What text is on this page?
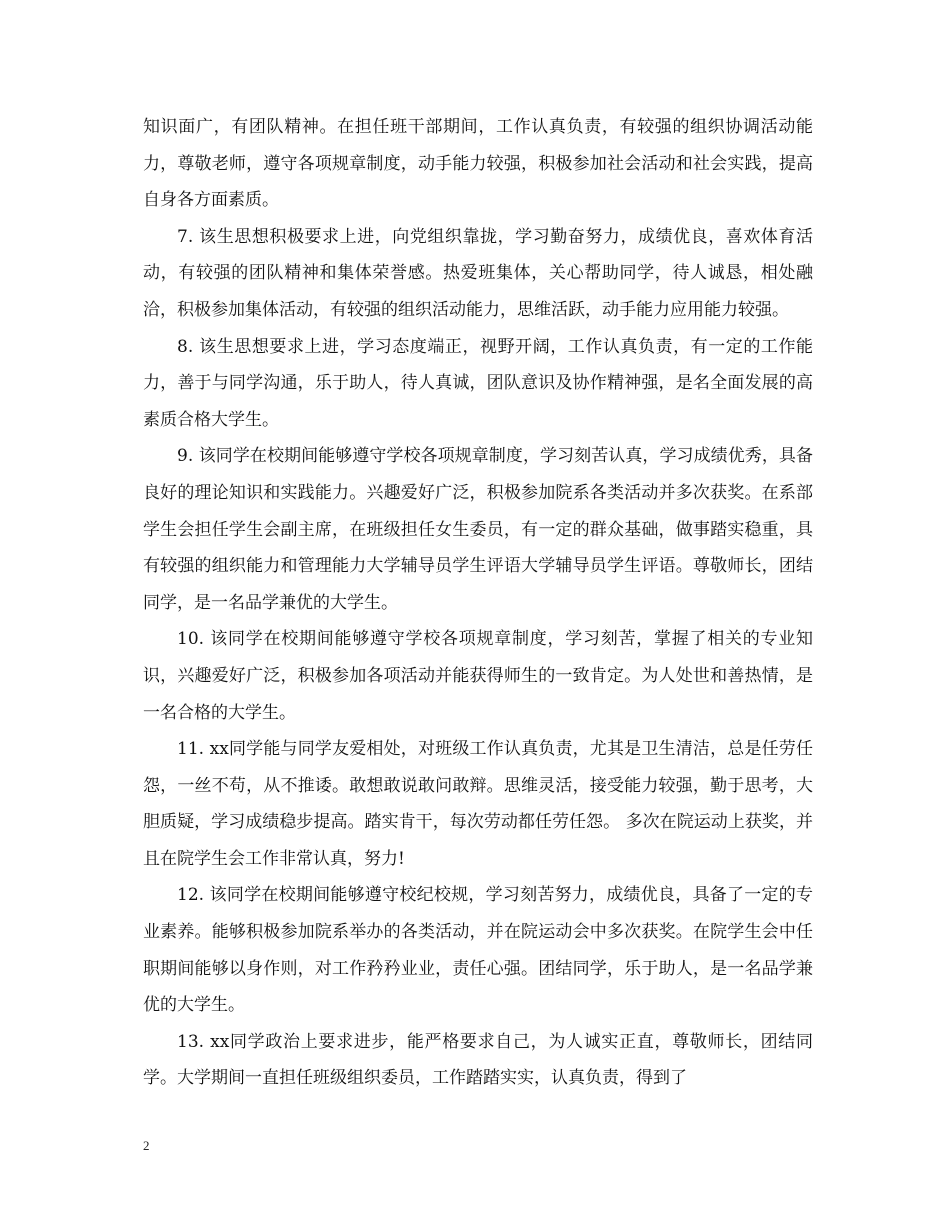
知识面广，有团队精神。在担任班干部期间，工作认真负责，有较强的组织协调活动能力，尊敬老师，遵守各项规章制度，动手能力较强，积极参加社会活动和社会实践，提高自身各方面素质。

7. 该生思想积极要求上进，向党组织靠拢，学习勤奋努力，成绩优良，喜欢体育活动，有较强的团队精神和集体荣誉感。热爱班集体，关心帮助同学，待人诚恳，相处融洽，积极参加集体活动，有较强的组织活动能力，思维活跃，动手能力应用能力较强。

8. 该生思想要求上进，学习态度端正，视野开阔，工作认真负责，有一定的工作能力，善于与同学沟通，乐于助人，待人真诚，团队意识及协作精神强，是名全面发展的高素质合格大学生。

9. 该同学在校期间能够遵守学校各项规章制度，学习刻苦认真，学习成绩优秀，具备良好的理论知识和实践能力。兴趣爱好广泛，积极参加院系各类活动并多次获奖。在系部学生会担任学生会副主席，在班级担任女生委员，有一定的群众基础，做事踏实稳重，具有较强的组织能力和管理能力大学辅导员学生评语大学辅导员学生评语。尊敬师长，团结同学，是一名品学兼优的大学生。

10. 该同学在校期间能够遵守学校各项规章制度，学习刻苦，掌握了相关的专业知识，兴趣爱好广泛，积极参加各项活动并能获得师生的一致肯定。为人处世和善热情，是一名合格的大学生。

11. xx同学能与同学友爱相处，对班级工作认真负责，尤其是卫生清洁，总是任劳任怨，一丝不苟，从不推诿。敢想敢说敢问敢辩。思维灵活，接受能力较强，勤于思考，大胆质疑，学习成绩稳步提高。踏实肯干，每次劳动都任劳任怨。 多次在院运动上获奖，并且在院学生会工作非常认真，努力!

12. 该同学在校期间能够遵守校纪校规，学习刻苦努力，成绩优良，具备了一定的专业素养。能够积极参加院系举办的各类活动，并在院运动会中多次获奖。在院学生会中任职期间能够以身作则，对工作矜矜业业，责任心强。团结同学，乐于助人，是一名品学兼优的大学生。

13. xx同学政治上要求进步，能严格要求自己，为人诚实正直，尊敬师长，团结同学。大学期间一直担任班级组织委员，工作踏踏实实，认真负责，得到了

2
